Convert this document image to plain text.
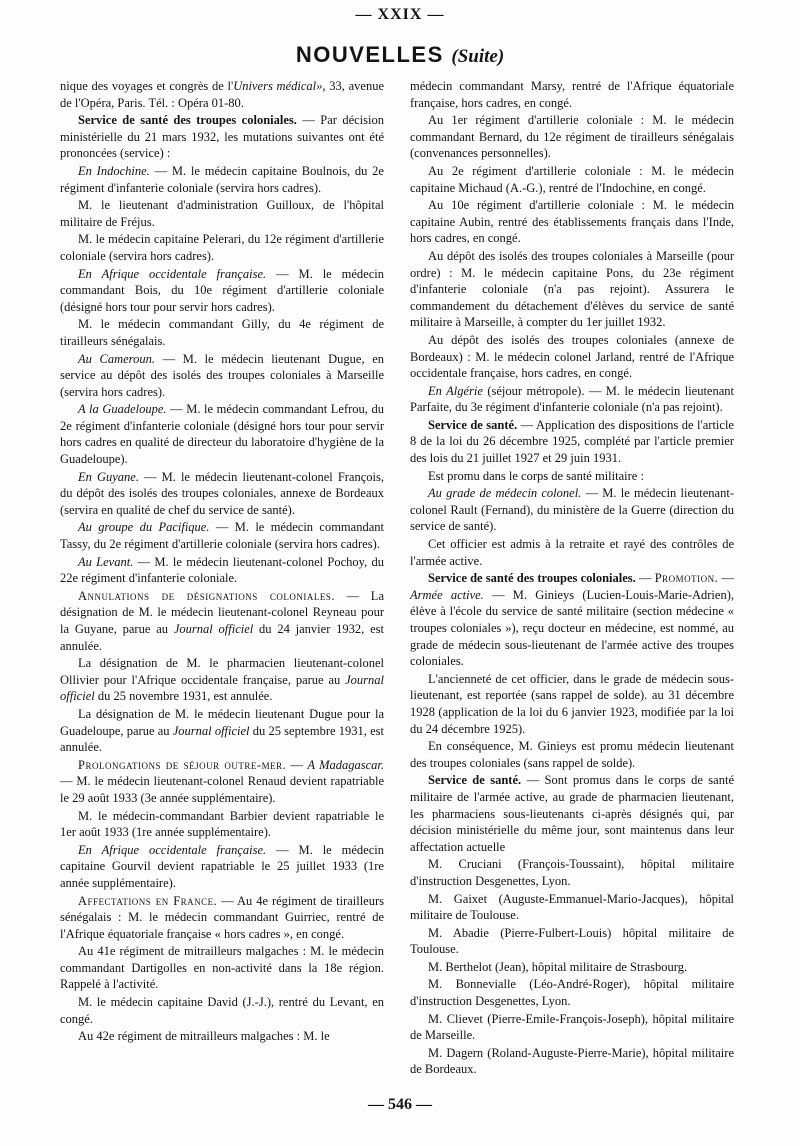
— XXIX —
NOUVELLES (Suite)

nique des voyages et congrès de l'Univers médical», 33, avenue de l'Opéra, Paris. Tél. : Opéra 01-80.

Service de santé des troupes coloniales. — Par décision ministérielle du 21 mars 1932, les mutations suivantes ont été prononcées (service) :

En Indochine. — M. le médecin capitaine Boulnois, du 2e régiment d'infanterie coloniale (servira hors cadres).

M. le lieutenant d'administration Guilloux, de l'hôpital militaire de Fréjus.

M. le médecin capitaine Pelerari, du 12e régiment d'artillerie coloniale (servira hors cadres).

En Afrique occidentale française. — M. le médecin commandant Bois, du 10e régiment d'artillerie coloniale (désigné hors tour pour servir hors cadres).

M. le médecin commandant Gilly, du 4e régiment de tirailleurs sénégalais.

Au Cameroun. — M. le médecin lieutenant Dugue, en service au dépôt des isolés des troupes coloniales à Marseille (servira hors cadres).

A la Guadeloupe. — M. le médecin commandant Lefrou, du 2e régiment d'infanterie coloniale (désigné hors tour pour servir hors cadres en qualité de directeur du laboratoire d'hygiène de la Guadeloupe).

En Guyane. — M. le médecin lieutenant-colonel François, du dépôt des isolés des troupes coloniales, annexe de Bordeaux (servira en qualité de chef du service de santé).

Au groupe du Pacifique. — M. le médecin commandant Tassy, du 2e régiment d'artillerie coloniale (servira hors cadres).

Au Levant. — M. le médecin lieutenant-colonel Pochoy, du 22e régiment d'infanterie coloniale.

Annulations de désignations coloniales. — La désignation de M. le médecin lieutenant-colonel Reyneau pour la Guyane, parue au Journal officiel du 24 janvier 1932, est annulée.

La désignation de M. le pharmacien lieutenant-colonel Ollivier pour l'Afrique occidentale française, parue au Journal officiel du 25 novembre 1931, est annulée.

La désignation de M. le médecin lieutenant Dugue pour la Guadeloupe, parue au Journal officiel du 25 septembre 1931, est annulée.

Prolongations de séjour outre-mer. — A Madagascar. — M. le médecin lieutenant-colonel Renaud devient rapatriable le 29 août 1933 (3e année supplémentaire).

M. le médecin-commandant Barbier devient rapatriable le 1er août 1933 (1re année supplémentaire).

En Afrique occidentale française. — M. le médecin capitaine Gourvil devient rapatriable le 25 juillet 1933 (1re année supplémentaire).

Affectations en France. — Au 4e régiment de tirailleurs sénégalais : M. le médecin commandant Guirriec, rentré de l'Afrique équatoriale française « hors cadres », en congé.

Au 41e régiment de mitrailleurs malgaches : M. le médecin commandant Dartigolles en non-activité dans la 18e région. Rappelé à l'activité.

M. le médecin capitaine David (J.-J.), rentré du Levant, en congé.

Au 42e régiment de mitrailleurs malgaches : M. le

médecin commandant Marsy, rentré de l'Afrique équatoriale française, hors cadres, en congé.

Au 1er régiment d'artillerie coloniale : M. le médecin commandant Bernard, du 12e régiment de tirailleurs sénégalais (convenances personnelles).

Au 2e régiment d'artillerie coloniale : M. le médecin capitaine Michaud (A.-G.), rentré de l'Indochine, en congé.

Au 10e régiment d'artillerie coloniale : M. le médecin capitaine Aubin, rentré des établissements français dans l'Inde, hors cadres, en congé.

Au dépôt des isolés des troupes coloniales à Marseille (pour ordre) : M. le médecin capitaine Pons, du 23e régiment d'infanterie coloniale (n'a pas rejoint). Assurera le commandement du détachement d'élèves du service de santé militaire à Marseille, à compter du 1er juillet 1932.

Au dépôt des isolés des troupes coloniales (annexe de Bordeaux) : M. le médecin colonel Jarland, rentré de l'Afrique occidentale française, hors cadres, en congé.

En Algérie (séjour métropole). — M. le médecin lieutenant Parfaite, du 3e régiment d'infanterie coloniale (n'a pas rejoint).

Service de santé. — Application des dispositions de l'article 8 de la loi du 26 décembre 1925, complété par l'article premier des lois du 21 juillet 1927 et 29 juin 1931.

Est promu dans le corps de santé militaire :

Au grade de médecin colonel. — M. le médecin lieutenant-colonel Rault (Fernand), du ministère de la Guerre (direction du service de santé).

Cet officier est admis à la retraite et rayé des contrôles de l'armée active.

Service de santé des troupes coloniales. — Promotion. — Armée active. — M. Ginieys (Lucien-Louis-Marie-Adrien), élève à l'école du service de santé militaire (section médecine « troupes coloniales »), reçu docteur en médecine, est nommé, au grade de médecin sous-lieutenant de l'armée active des troupes coloniales.

L'ancienneté de cet officier, dans le grade de médecin sous-lieutenant, est reportée (sans rappel de solde). au 31 décembre 1928 (application de la loi du 6 janvier 1923, modifiée par la loi du 24 décembre 1925).

En conséquence, M. Ginieys est promu médecin lieutenant des troupes coloniales (sans rappel de solde).

Service de santé. — Sont promus dans le corps de santé militaire de l'armée active, au grade de pharmacien lieutenant, les pharmaciens sous-lieutenants ci-après désignés qui, par décision ministérielle du même jour, sont maintenus dans leur affectation actuelle

M. Cruciani (François-Toussaint), hôpital militaire d'instruction Desgenettes, Lyon.

M. Gaixet (Auguste-Emmanuel-Mario-Jacques), hôpital militaire de Toulouse.

M. Abadie (Pierre-Fulbert-Louis) hôpital militaire de Toulouse.

M. Berthelot (Jean), hôpital militaire de Strasbourg.

M. Bonnevialle (Léo-André-Roger), hôpital militaire d'instruction Desgenettes, Lyon.

M. Clievet (Pierre-Emile-François-Joseph), hôpital militaire de Marseille.

M. Dagern (Roland-Auguste-Pierre-Marie), hôpital militaire de Bordeaux.

— 546 —
